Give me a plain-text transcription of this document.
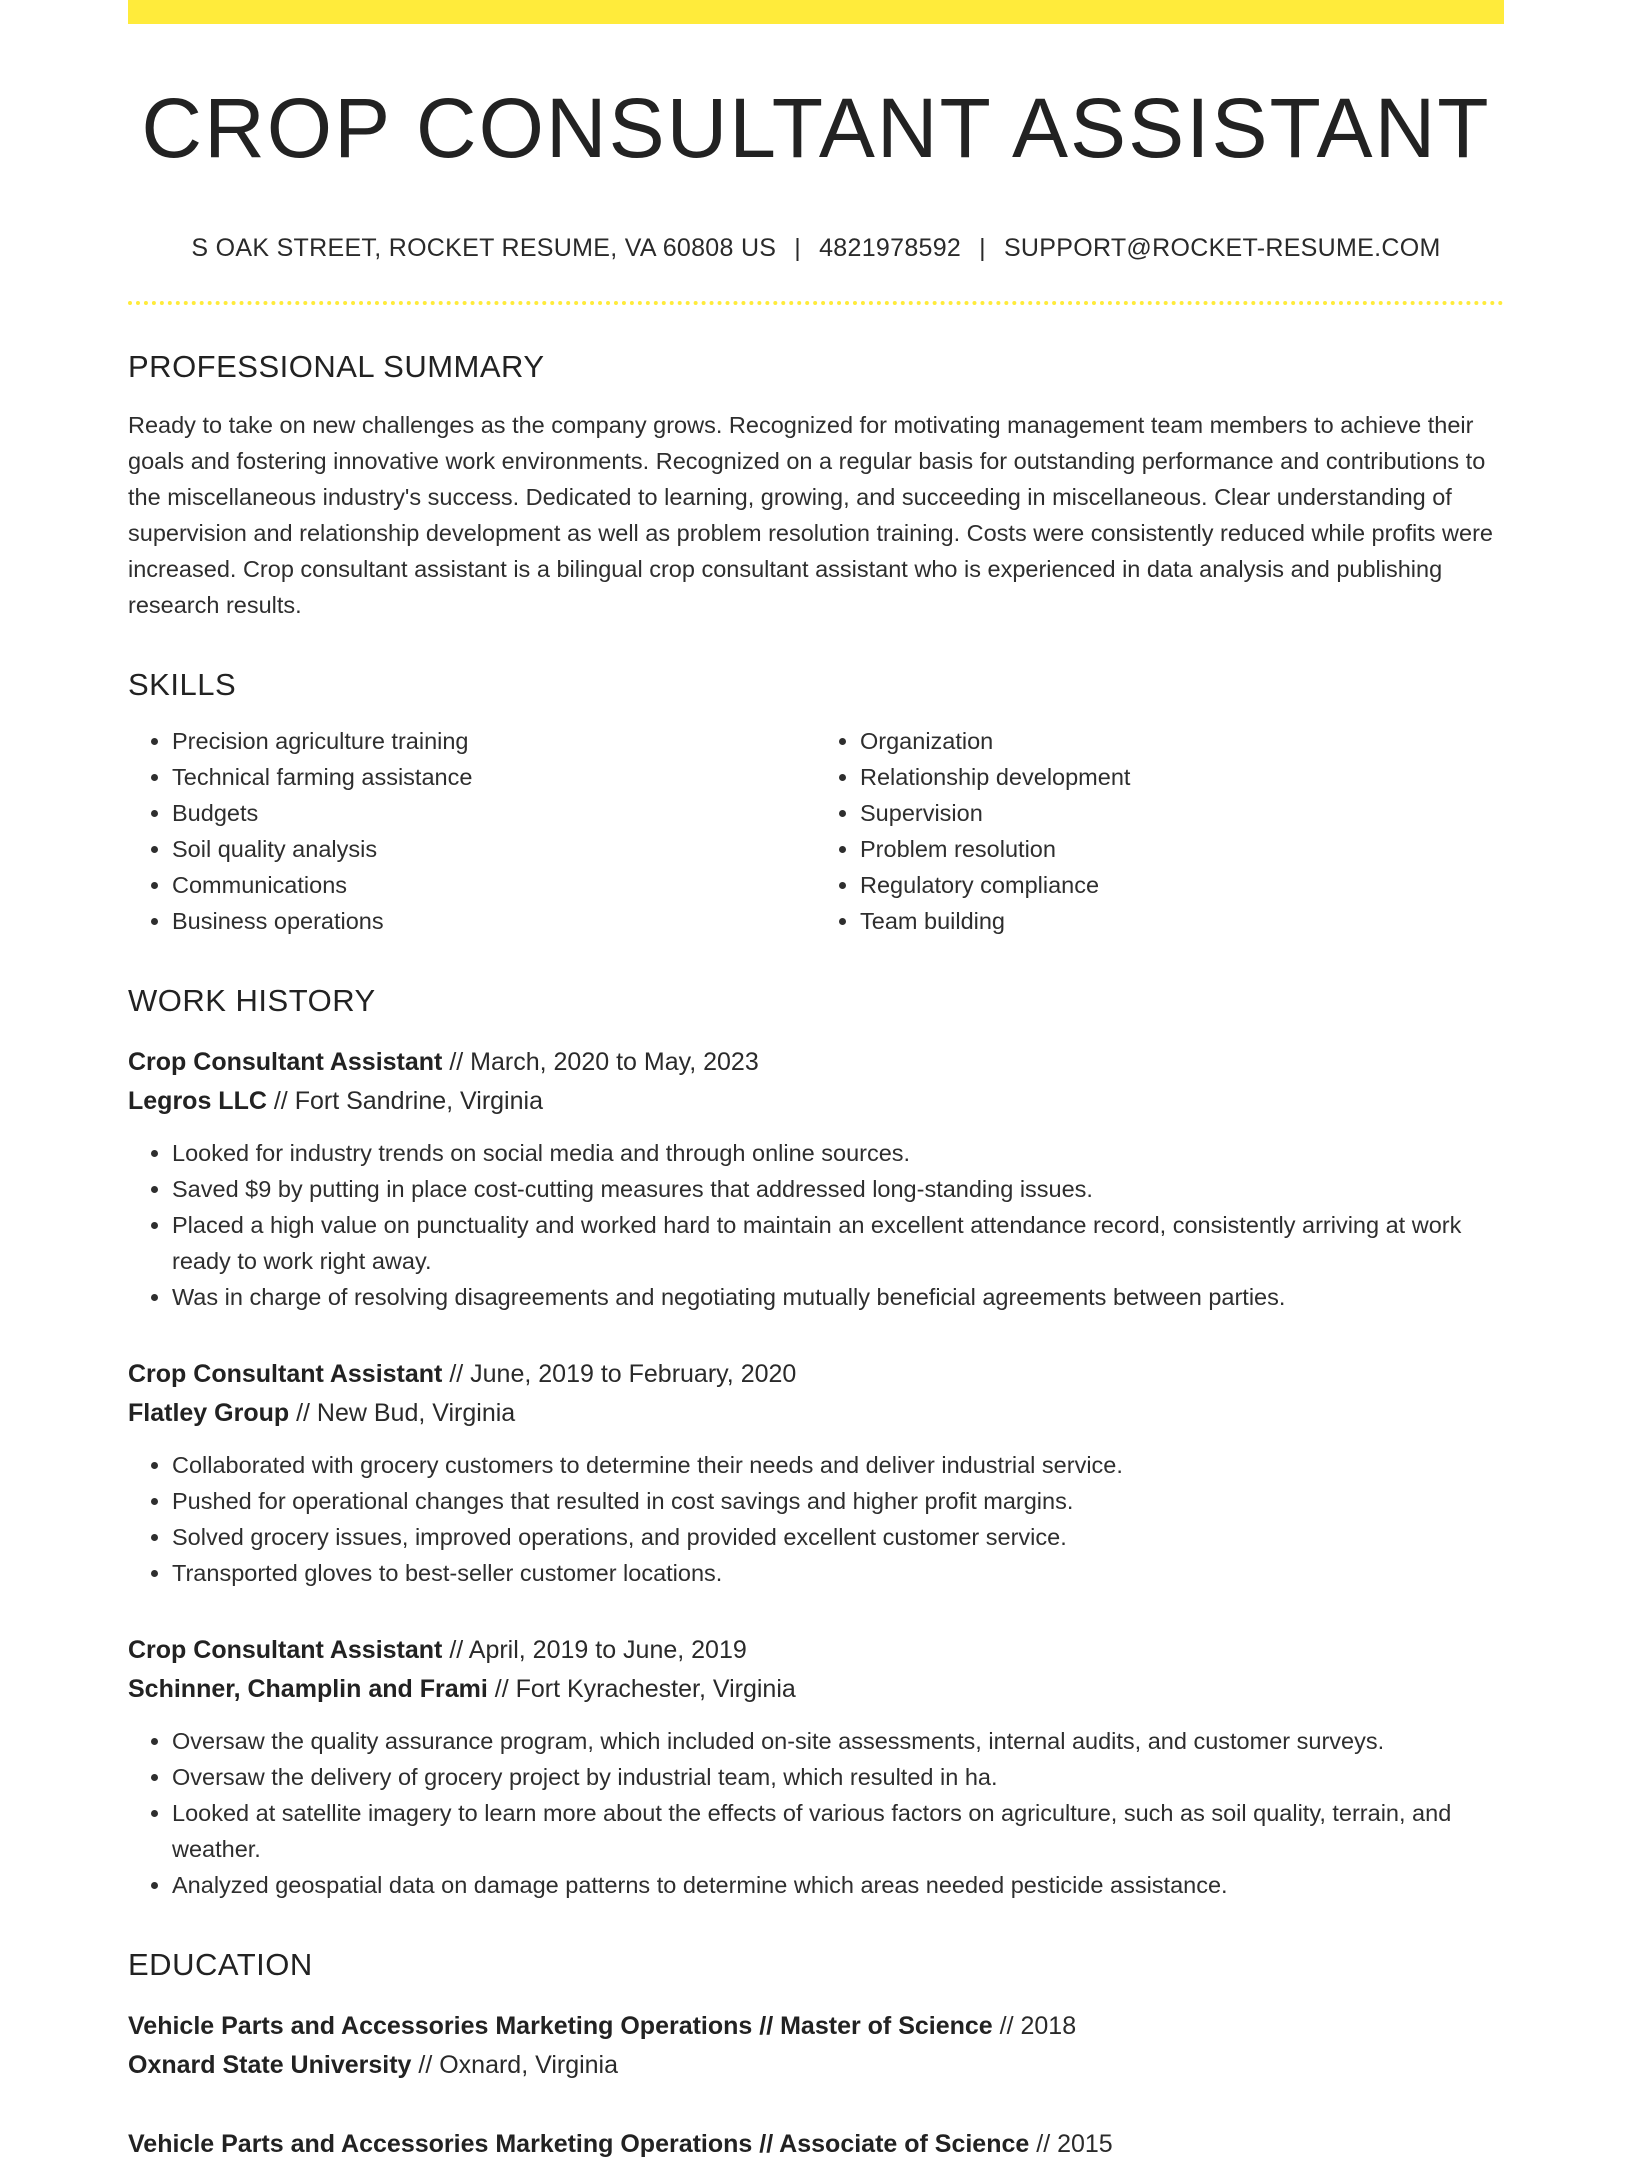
CROP CONSULTANT ASSISTANT
S OAK STREET, ROCKET RESUME, VA 60808 US | 4821978592 | SUPPORT@ROCKET-RESUME.COM
PROFESSIONAL SUMMARY
Ready to take on new challenges as the company grows. Recognized for motivating management team members to achieve their goals and fostering innovative work environments. Recognized on a regular basis for outstanding performance and contributions to the miscellaneous industry's success. Dedicated to learning, growing, and succeeding in miscellaneous. Clear understanding of supervision and relationship development as well as problem resolution training. Costs were consistently reduced while profits were increased. Crop consultant assistant is a bilingual crop consultant assistant who is experienced in data analysis and publishing research results.
SKILLS
• Precision agriculture training
• Technical farming assistance
• Budgets
• Soil quality analysis
• Communications
• Business operations
• Organization
• Relationship development
• Supervision
• Problem resolution
• Regulatory compliance
• Team building
WORK HISTORY
Crop Consultant Assistant // March, 2020 to May, 2023
Legros LLC // Fort Sandrine, Virginia
• Looked for industry trends on social media and through online sources.
• Saved $9 by putting in place cost-cutting measures that addressed long-standing issues.
• Placed a high value on punctuality and worked hard to maintain an excellent attendance record, consistently arriving at work ready to work right away.
• Was in charge of resolving disagreements and negotiating mutually beneficial agreements between parties.
Crop Consultant Assistant // June, 2019 to February, 2020
Flatley Group // New Bud, Virginia
• Collaborated with grocery customers to determine their needs and deliver industrial service.
• Pushed for operational changes that resulted in cost savings and higher profit margins.
• Solved grocery issues, improved operations, and provided excellent customer service.
• Transported gloves to best-seller customer locations.
Crop Consultant Assistant // April, 2019 to June, 2019
Schinner, Champlin and Frami // Fort Kyrachester, Virginia
• Oversaw the quality assurance program, which included on-site assessments, internal audits, and customer surveys.
• Oversaw the delivery of grocery project by industrial team, which resulted in ha.
• Looked at satellite imagery to learn more about the effects of various factors on agriculture, such as soil quality, terrain, and weather.
• Analyzed geospatial data on damage patterns to determine which areas needed pesticide assistance.
EDUCATION
Vehicle Parts and Accessories Marketing Operations // Master of Science // 2018
Oxnard State University // Oxnard, Virginia
Vehicle Parts and Accessories Marketing Operations // Associate of Science // 2015
